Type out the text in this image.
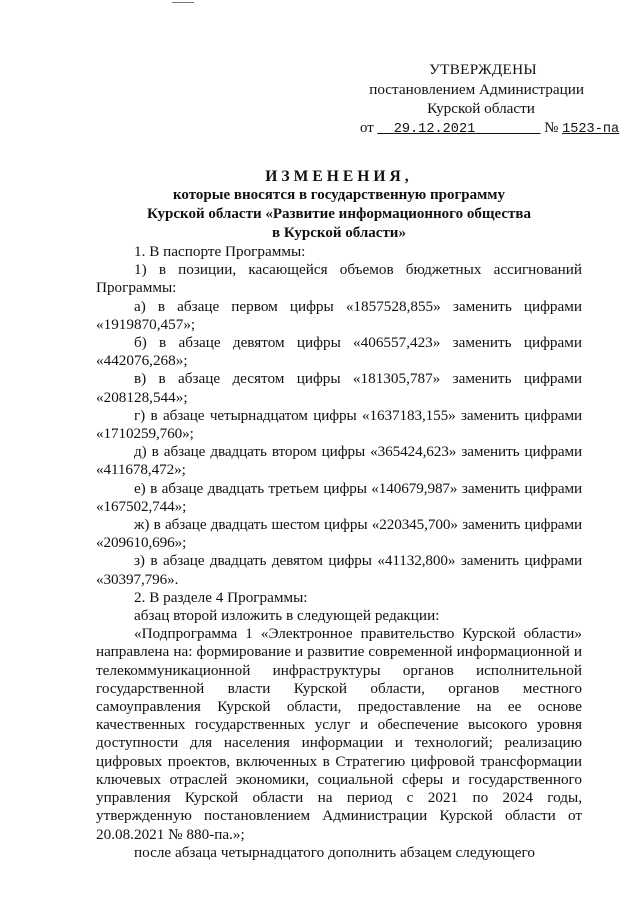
УТВЕРЖДЕНЫ
постановлением Администрации
Курской области
от 29.12.2021	№ 1523-па
ИЗМЕНЕНИЯ,
которые вносятся в государственную программу
Курской области «Развитие информационного общества
в Курской области»

1. В паспорте Программы:

1) в позиции, касающейся объемов бюджетных ассигнований Программы:

а) в абзаце первом цифры «1857528,855» заменить цифрами «1919870,457»;

б) в абзаце девятом цифры «406557,423» заменить цифрами «442076,268»;

в) в абзаце десятом цифры «181305,787» заменить цифрами «208128,544»;

г) в абзаце четырнадцатом цифры «1637183,155» заменить цифрами «1710259,760»;

д) в абзаце двадцать втором цифры «365424,623» заменить цифрами «411678,472»;

е) в абзаце двадцать третьем цифры «140679,987» заменить цифрами «167502,744»;

ж) в абзаце двадцать шестом цифры «220345,700» заменить цифрами «209610,696»;

з) в абзаце двадцать девятом цифры «41132,800» заменить цифрами «30397,796».

2. В разделе 4 Программы:

абзац второй изложить в следующей редакции:

«Подпрограмма 1 «Электронное правительство Курской области» направлена на: формирование и развитие современной информационной и телекоммуникационной инфраструктуры органов исполнительной государственной власти Курской области, органов местного самоуправления Курской области, предоставление на ее основе качественных государственных услуг и обеспечение высокого уровня доступности для населения информации и технологий; реализацию цифровых проектов, включенных в Стратегию цифровой трансформации ключевых отраслей экономики, социальной сферы и государственного управления Курской области на период с 2021 по 2024 годы, утвержденную постановлением Администрации Курской области от 20.08.2021 № 880-па.»;

после абзаца четырнадцатого дополнить абзацем следующего
